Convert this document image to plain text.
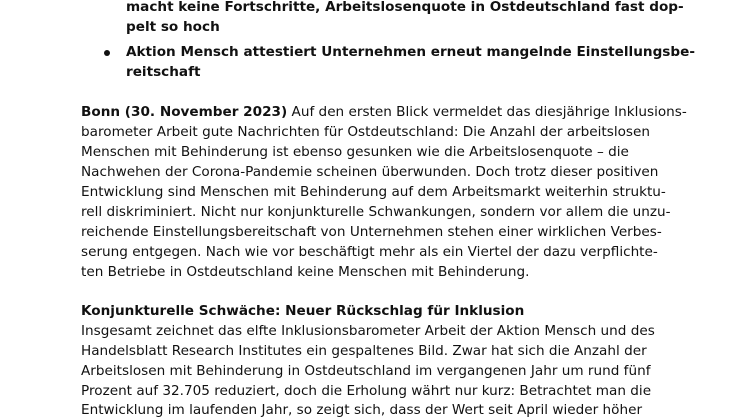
macht keine Fortschritte, Arbeitslosenquote in Ostdeutschland fast dop-
pelt so hoch
Aktion Mensch attestiert Unternehmen erneut mangelnde Einstellungsbe-
reitschaft
Bonn (30. November 2023) Auf den ersten Blick vermeldet das diesjährige Inklusions-
barometer Arbeit gute Nachrichten für Ostdeutschland: Die Anzahl der arbeitslosen
Menschen mit Behinderung ist ebenso gesunken wie die Arbeitslosenquote – die
Nachwehen der Corona-Pandemie scheinen überwunden. Doch trotz dieser positiven
Entwicklung sind Menschen mit Behinderung auf dem Arbeitsmarkt weiterhin struktu-
rell diskriminiert. Nicht nur konjunkturelle Schwankungen, sondern vor allem die unzu-
reichende Einstellungsbereitschaft von Unternehmen stehen einer wirklichen Verbes-
serung entgegen. Nach wie vor beschäftigt mehr als ein Viertel der dazu verpflichte-
ten Betriebe in Ostdeutschland keine Menschen mit Behinderung.
Konjunkturelle Schwäche: Neuer Rückschlag für Inklusion
Insgesamt zeichnet das elfte Inklusionsbarometer Arbeit der Aktion Mensch und des
Handelsblatt Research Institutes ein gespaltenes Bild. Zwar hat sich die Anzahl der
Arbeitslosen mit Behinderung in Ostdeutschland im vergangenen Jahr um rund fünf
Prozent auf 32.705 reduziert, doch die Erholung währt nur kurz: Betrachtet man die
Entwicklung im laufenden Jahr, so zeigt sich, dass der Wert seit April wieder höher
